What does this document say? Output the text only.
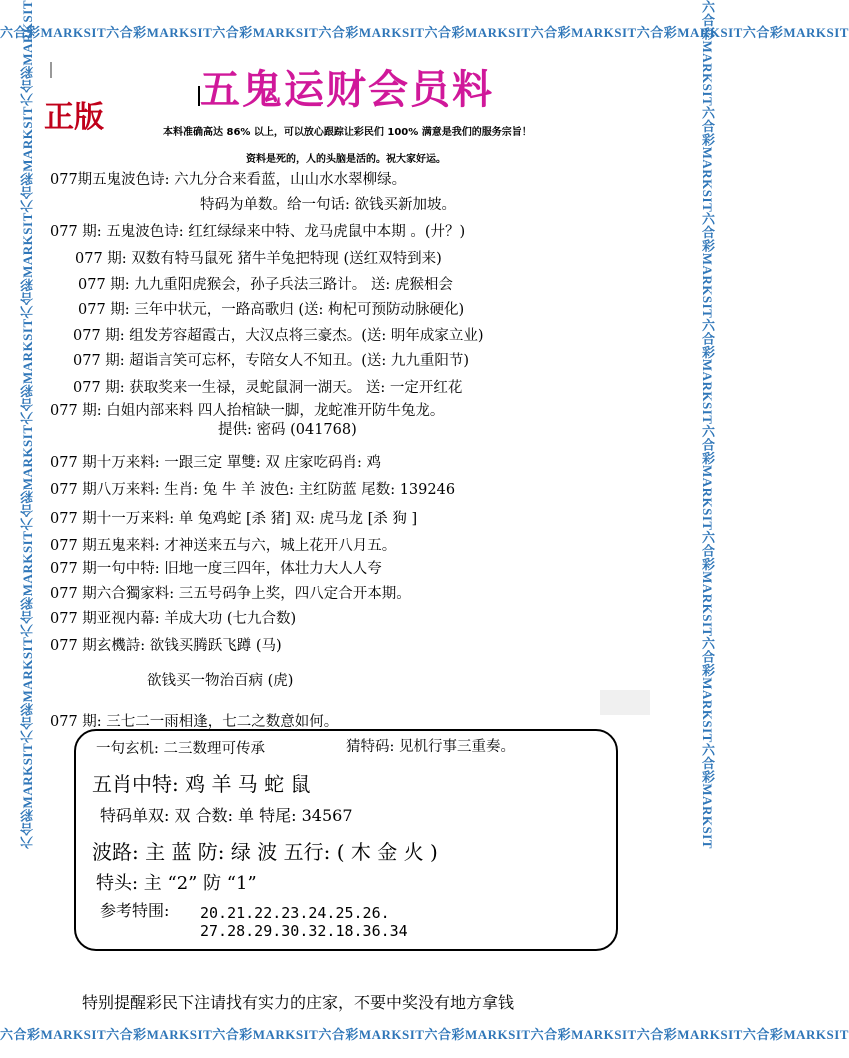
六合彩MARKSIT六合彩MARKSIT六合彩MARKSIT六合彩MARKSIT六合彩MARKSIT六合彩MARKSIT六合彩MARKSIT六合彩MARKSIT
六合彩MARKSIT六合彩MARKSIT六合彩MARKSIT六合彩MARKSIT六合彩MARKSIT六合彩MARKSIT六合彩MARKSIT六合彩MARKSIT
六合彩MARKSIT六合彩MARKSIT六合彩MARKSIT六合彩MARKSIT六合彩MARKSIT六合彩MARKSIT六合彩MARKSIT六合彩MARKSIT	六合彩MARKSIT六合彩MARKSIT六合彩MARKSIT六合彩MARKSIT六合彩MARKSIT六合彩MARKSIT六合彩MARKSIT六合彩MARKSIT
五鬼运财会员料
正版	本料准确高达 86% 以上，可以放心跟踪让彩民们 100% 满意是我们的服务宗旨！
资料是死的，人的头脑是活的。祝大家好运。
077期五鬼波色诗: 六九分合来看蓝，山山水水翠柳绿。
特码为单数。给一句话: 欲钱买新加坡。
077 期: 五鬼波色诗: 红红绿绿来中特、龙马虎鼠中本期 。(廾？)
077 期: 双数有特马鼠死 猪牛羊兔把特现 (送红双特到来)
077 期: 九九重阳虎猴会，孙子兵法三路计。 送: 虎猴相会
077 期: 三年中状元，一路高歌归 (送: 枸杞可预防动脉硬化)
077 期: 组发芳容超霞古，大汉点将三豪杰。(送: 明年成家立业)
077 期: 超诣言笑可忘杯，专陪女人不知丑。(送: 九九重阳节)
077 期: 获取奖来一生禄，灵蛇鼠洞一湖天。 送: 一定开红花
077 期: 白姐内部来料 四人抬棺缺一脚，龙蛇准开防牛兔龙。
提供: 密码 (041768)
077 期十万来料: 一跟三定 單雙: 双 庄家吃码肖: 鸡
077 期八万来料: 生肖: 兔 牛 羊 波色: 主红防蓝 尾数: 139246
077 期十一万来料: 单 兔鸡蛇 [杀 猪] 双: 虎马龙 [杀 狗 ]
077 期五鬼来料: 才神送来五与六，城上花开八月五。
077 期一句中特: 旧地一度三四年，体壮力大人人夸
077 期六合獨家料: 三五号码争上奖，四八定合开本期。
077 期亚视内幕: 羊成大功 (七九合数)
077 期玄機詩: 欲钱买腾跃飞蹲 (马)
欲钱买一物治百病 (虎)
077 期: 三七二一雨相逢，七二之数意如何。
一句玄机: 二三数理可传承	猜特码: 见机行事三重奏。
五肖中特: 鸡 羊 马 蛇 鼠
特码单双: 双 合数: 单 特尾: 34567
波路: 主 蓝 防: 绿 波 五行: ( 木 金 火 )
特头: 主 “2” 防 “1”
参考特围: 20.21.22.23.24.25.26.
27.28.29.30.32.18.36.34
特别提醒彩民下注请找有实力的庄家，不要中奖没有地方拿钱
